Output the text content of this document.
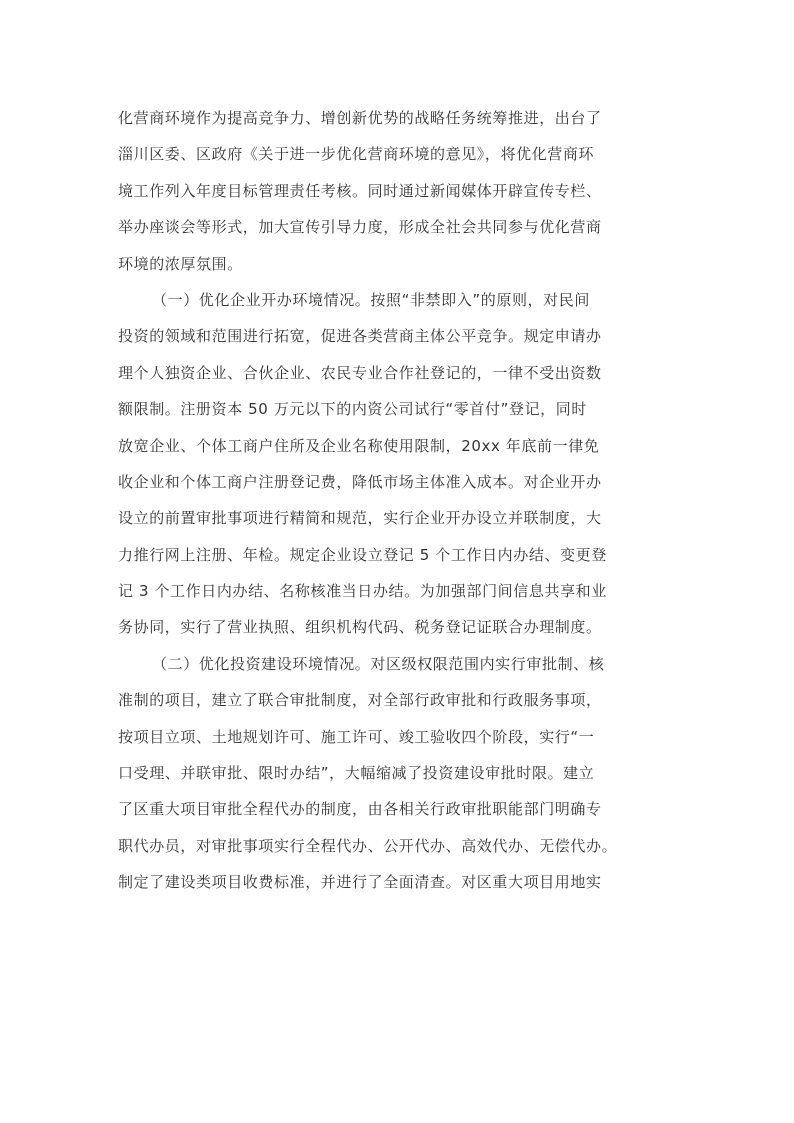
化营商环境作为提高竞争力、增创新优势的战略任务统筹推进，出台了
淄川区委、区政府《关于进一步优化营商环境的意见》，将优化营商环
境工作列入年度目标管理责任考核。同时通过新闻媒体开辟宣传专栏、
举办座谈会等形式，加大宣传引导力度，形成全社会共同参与优化营商
环境的浓厚氛围。
（一）优化企业开办环境情况。按照“非禁即入”的原则，对民间
投资的领域和范围进行拓宽，促进各类营商主体公平竞争。规定申请办
理个人独资企业、合伙企业、农民专业合作社登记的，一律不受出资数
额限制。注册资本 50 万元以下的内资公司试行“零首付”登记，同时
放宽企业、个体工商户住所及企业名称使用限制，20xx 年底前一律免
收企业和个体工商户注册登记费，降低市场主体准入成本。对企业开办
设立的前置审批事项进行精简和规范，实行企业开办设立并联制度，大
力推行网上注册、年检。规定企业设立登记 5 个工作日内办结、变更登
记 3 个工作日内办结、名称核准当日办结。为加强部门间信息共享和业
务协同，实行了营业执照、组织机构代码、税务登记证联合办理制度。
（二）优化投资建设环境情况。对区级权限范围内实行审批制、核
准制的项目，建立了联合审批制度，对全部行政审批和行政服务事项，
按项目立项、土地规划许可、施工许可、竣工验收四个阶段，实行“一
口受理、并联审批、限时办结”，大幅缩减了投资建设审批时限。建立
了区重大项目审批全程代办的制度，由各相关行政审批职能部门明确专
职代办员，对审批事项实行全程代办、公开代办、高效代办、无偿代办。
制定了建设类项目收费标准，并进行了全面清查。对区重大项目用地实
